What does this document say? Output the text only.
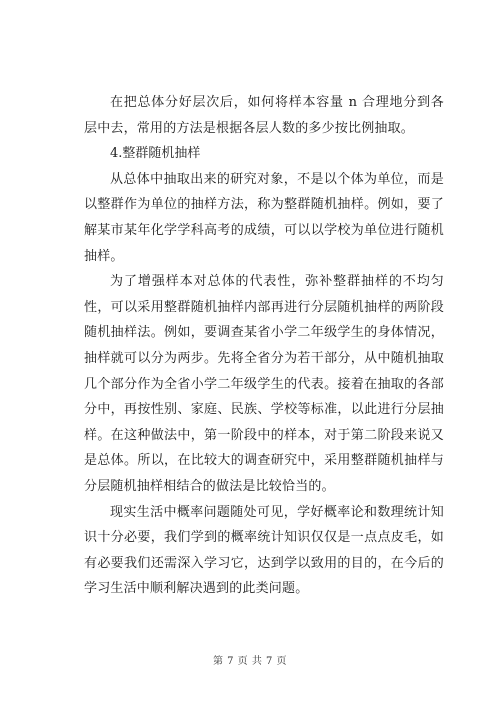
在把总体分好层次后，如何将样本容量 n 合理地分到各层中去，常用的方法是根据各层人数的多少按比例抽取。

4.整群随机抽样

从总体中抽取出来的研究对象，不是以个体为单位，而是以整群作为单位的抽样方法，称为整群随机抽样。例如，要了解某市某年化学学科高考的成绩，可以以学校为单位进行随机抽样。

为了增强样本对总体的代表性，弥补整群抽样的不均匀性，可以采用整群随机抽样内部再进行分层随机抽样的两阶段随机抽样法。例如，要调查某省小学二年级学生的身体情况，抽样就可以分为两步。先将全省分为若干部分，从中随机抽取几个部分作为全省小学二年级学生的代表。接着在抽取的各部分中，再按性别、家庭、民族、学校等标准，以此进行分层抽样。在这种做法中，第一阶段中的样本，对于第二阶段来说又是总体。所以，在比较大的调查研究中，采用整群随机抽样与分层随机抽样相结合的做法是比较恰当的。

现实生活中概率问题随处可见，学好概率论和数理统计知识十分必要，我们学到的概率统计知识仅仅是一点点皮毛，如有必要我们还需深入学习它，达到学以致用的目的，在今后的学习生活中顺利解决遇到的此类问题。

第 7 页 共 7 页
